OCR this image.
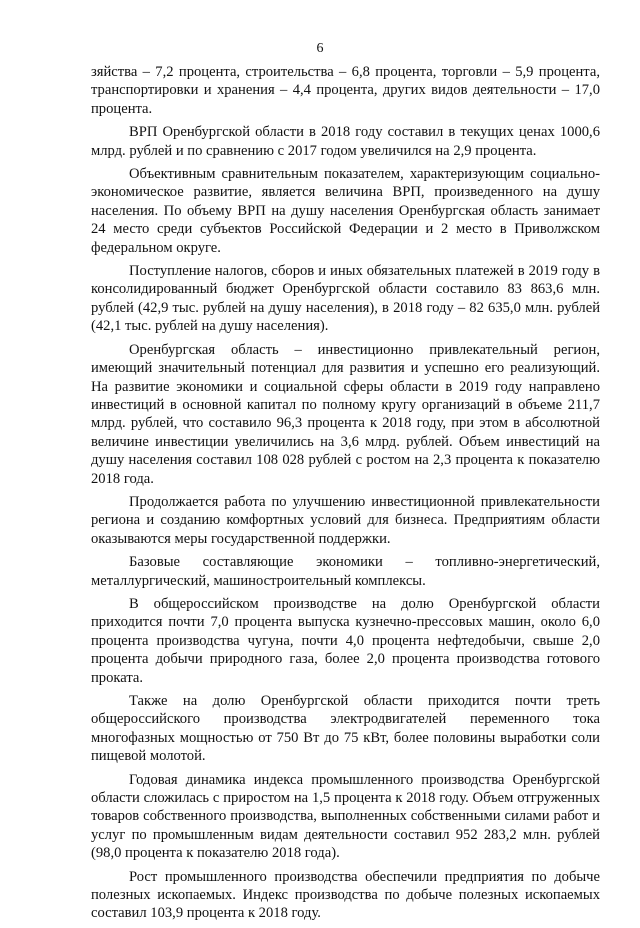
6

зяйства – 7,2 процента, строительства – 6,8 процента, торговли – 5,9 процента, транспортировки и хранения – 4,4 процента, других видов деятельности – 17,0 процента.

ВРП Оренбургской области в 2018 году составил в текущих ценах 1000,6 млрд. рублей и по сравнению с 2017 годом увеличился на 2,9 процента.

Объективным сравнительным показателем, характеризующим социально-экономическое развитие, является величина ВРП, произведенного на душу населения. По объему ВРП на душу населения Оренбургская область занимает 24 место среди субъектов Российской Федерации и 2 место в Приволжском федеральном округе.

Поступление налогов, сборов и иных обязательных платежей в 2019 году в консолидированный бюджет Оренбургской области составило 83 863,6 млн. рублей (42,9 тыс. рублей на душу населения), в 2018 году – 82 635,0 млн. рублей (42,1 тыс. рублей на душу населения).

Оренбургская область – инвестиционно привлекательный регион, имеющий значительный потенциал для развития и успешно его реализующий. На развитие экономики и социальной сферы области в 2019 году направлено инвестиций в основной капитал по полному кругу организаций в объеме 211,7 млрд. рублей, что составило 96,3 процента к 2018 году, при этом в абсолютной величине инвестиции увеличились на 3,6 млрд. рублей. Объем инвестиций на душу населения составил 108 028 рублей с ростом на 2,3 процента к показателю 2018 года.

Продолжается работа по улучшению инвестиционной привлекательности региона и созданию комфортных условий для бизнеса. Предприятиям области оказываются меры государственной поддержки.

Базовые составляющие экономики – топливно-энергетический, металлургический, машиностроительный комплексы.

В общероссийском производстве на долю Оренбургской области приходится почти 7,0 процента выпуска кузнечно-прессовых машин, около 6,0 процента производства чугуна, почти 4,0 процента нефтедобычи, свыше 2,0 процента добычи природного газа, более 2,0 процента производства готового проката.

Также на долю Оренбургской области приходится почти треть общероссийского производства электродвигателей переменного тока многофазных мощностью от 750 Вт до 75 кВт, более половины выработки соли пищевой молотой.

Годовая динамика индекса промышленного производства Оренбургской области сложилась с приростом на 1,5 процента к 2018 году. Объем отгруженных товаров собственного производства, выполненных собственными силами работ и услуг по промышленным видам деятельности составил 952 283,2 млн. рублей (98,0 процента к показателю 2018 года).

Рост промышленного производства обеспечили предприятия по добыче полезных ископаемых. Индекс производства по добыче полезных ископаемых составил 103,9 процента к 2018 году.
